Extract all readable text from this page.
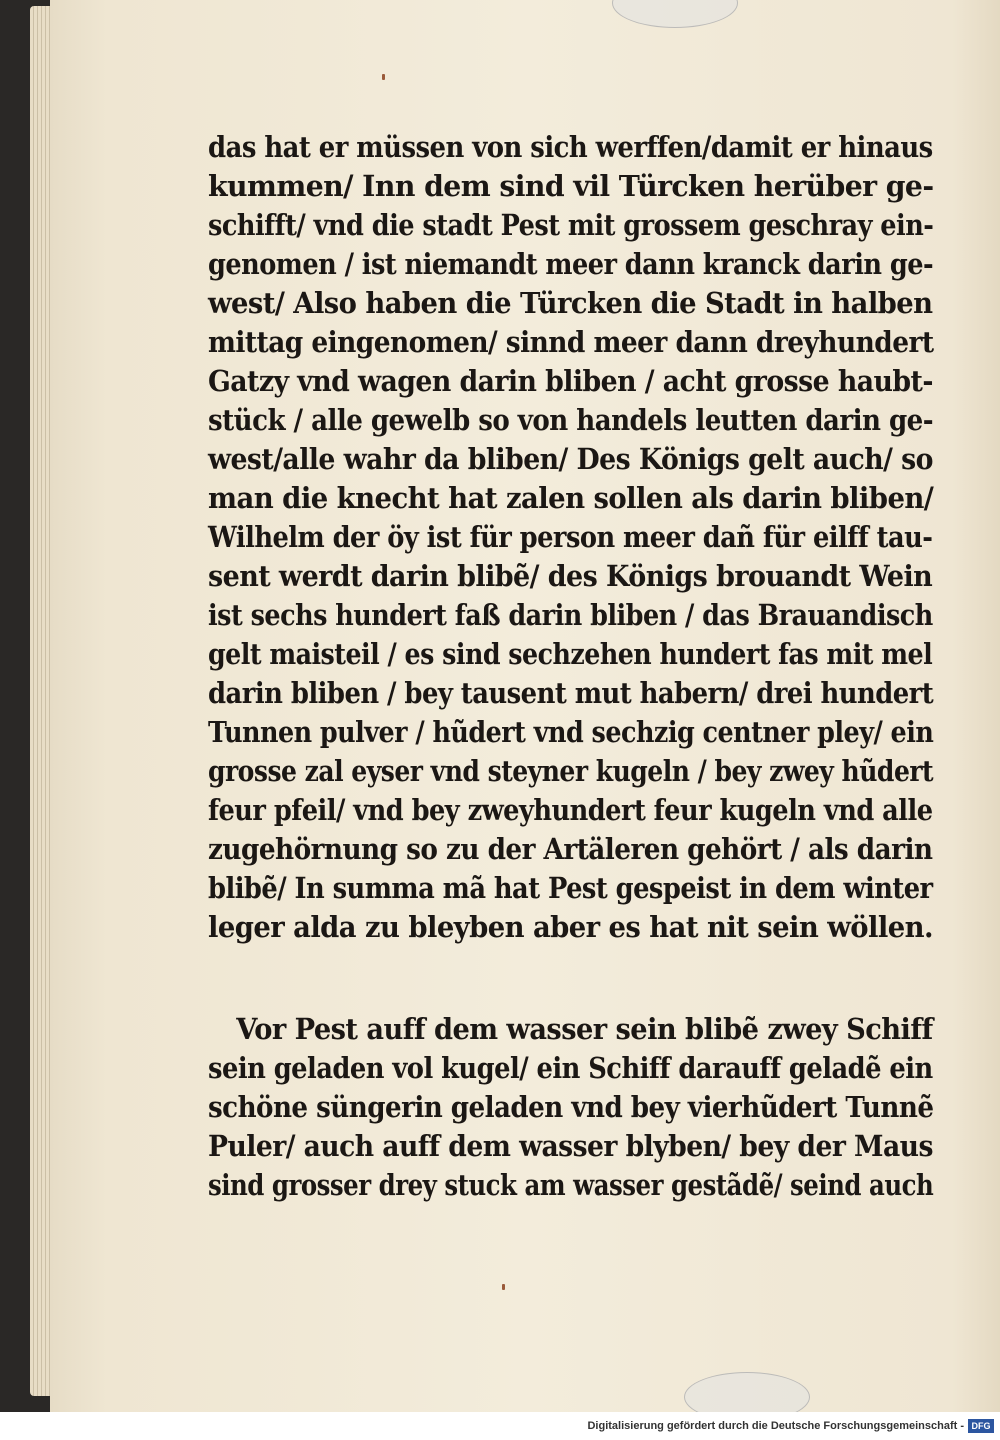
das hat er müssen von sich werffen/damit er hinaus
kummen/ Inn dem sind vil Türcken herüber ge-
schifft/ vnd die stadt Pest mit grossem geschray ein-
genomen / ist niemandt meer dann kranck darin ge-
west/ Also haben die Türcken die Stadt in halben
mittag eingenomen/ sinnd meer dann dreyhundert
Gatzy vnd wagen darin bliben / acht grosse haubt-
stück / alle gewelb so von handels leutten darin ge-
west/alle wahr da bliben/ Des Königs gelt auch/ so
man die knecht hat zalen sollen als darin bliben/
Wilhelm der öy ist für person meer dañ für eilff tau-
sent werdt darin blibẽ/ des Königs brouandt Wein
ist sechs hundert faß darin bliben / das Brauandisch
gelt maisteil / es sind sechzehen hundert fas mit mel
darin bliben / bey tausent mut habern/ drei hundert
Tunnen pulver / hũdert vnd sechzig centner pley/ ein
grosse zal eyser vnd steyner kugeln / bey zwey hũdert
feur pfeil/ vnd bey zweyhundert feur kugeln vnd alle
zugehörnung so zu der Artäleren gehört / als darin
blibẽ/ In summa mã hat Pest gespeist in dem winter
leger alda zu bleyben aber es hat nit sein wöllen.
Vor Pest auff dem wasser sein blibẽ zwey Schiff
sein geladen vol kugel/ ein Schiff darauff geladẽ ein
schöne süngerin geladen vnd bey vierhũdert Tunnẽ
Puler/ auch auff dem wasser blyben/ bey der Maus
sind grosser drey stuck am wasser gestãdẽ/ seind auch
Digitalisierung gefördert durch die Deutsche Forschungsgemeinschaft - DFG
